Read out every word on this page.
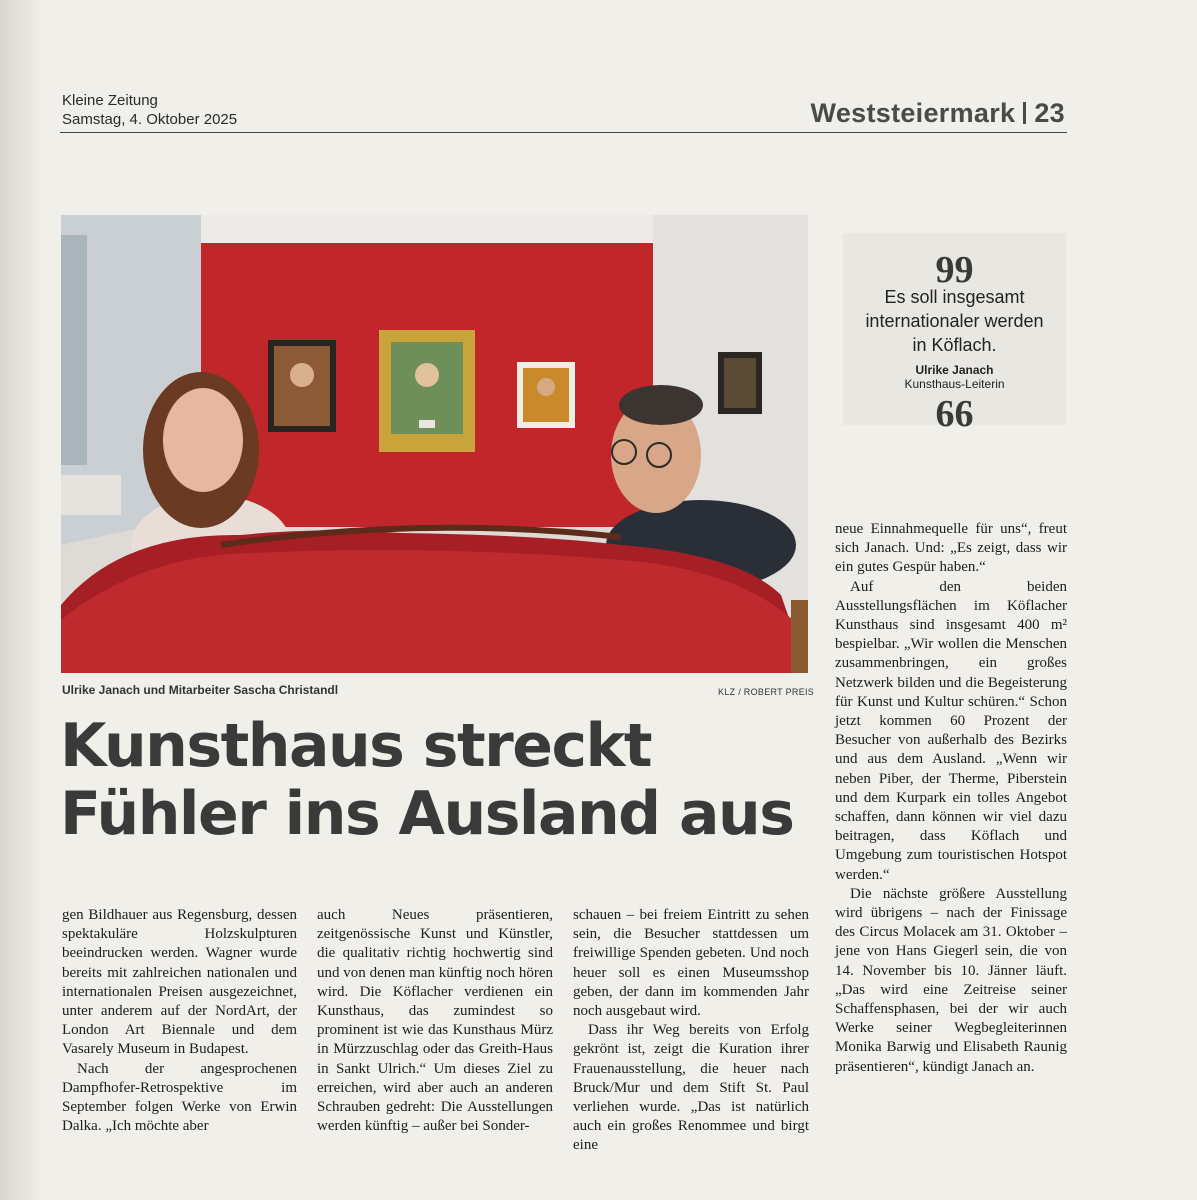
Kleine Zeitung
Samstag, 4. Oktober 2025	Weststeiermark 23
Ulrike Janach und Mitarbeiter Sascha Christandl	KLZ / ROBERT PREIS
Kunsthaus streckt
Fühler ins Ausland aus
99
Es soll insgesamt internationaler werden in Köflach.
Ulrike Janach
Kunsthaus-Leiterin
66

gen Bildhauer aus Regensburg, dessen spektakuläre Holzskulpturen beeindrucken werden. Wagner wurde bereits mit zahlreichen nationalen und internationalen Preisen ausgezeichnet, unter anderem auf der NordArt, der London Art Biennale und dem Vasarely Museum in Budapest.

Nach der angesprochenen Dampfhofer-Retrospektive im September folgen Werke von Erwin Dalka. „Ich möchte aber

auch Neues präsentieren, zeitgenössische Kunst und Künstler, die qualitativ richtig hochwertig sind und von denen man künftig noch hören wird. Die Köflacher verdienen ein Kunsthaus, das zumindest so prominent ist wie das Kunsthaus Mürz in Mürzzuschlag oder das Greith-Haus in Sankt Ulrich.“ Um dieses Ziel zu erreichen, wird aber auch an anderen Schrauben gedreht: Die Ausstellungen werden künftig – außer bei Sonder-

schauen – bei freiem Eintritt zu sehen sein, die Besucher stattdessen um freiwillige Spenden gebeten. Und noch heuer soll es einen Museumsshop geben, der dann im kommenden Jahr noch ausgebaut wird.

Dass ihr Weg bereits von Erfolg gekrönt ist, zeigt die Kuration ihrer Frauenausstellung, die heuer nach Bruck/Mur und dem Stift St. Paul verliehen wurde. „Das ist natürlich auch ein großes Renommee und birgt eine

neue Einnahmequelle für uns“, freut sich Janach. Und: „Es zeigt, dass wir ein gutes Gespür haben.“

Auf den beiden Ausstellungsflächen im Köflacher Kunsthaus sind insgesamt 400 m² bespielbar. „Wir wollen die Menschen zusammenbringen, ein großes Netzwerk bilden und die Begeisterung für Kunst und Kultur schüren.“ Schon jetzt kommen 60 Prozent der Besucher von außerhalb des Bezirks und aus dem Ausland. „Wenn wir neben Piber, der Therme, Piberstein und dem Kurpark ein tolles Angebot schaffen, dann können wir viel dazu beitragen, dass Köflach und Umgebung zum touristischen Hotspot werden.“

Die nächste größere Ausstellung wird übrigens – nach der Finissage des Circus Molacek am 31. Oktober – jene von Hans Giegerl sein, die von 14. November bis 10. Jänner läuft. „Das wird eine Zeitreise seiner Schaffensphasen, bei der wir auch Werke seiner Wegbegleiterinnen Monika Barwig und Elisabeth Raunig präsentieren“, kündigt Janach an.
